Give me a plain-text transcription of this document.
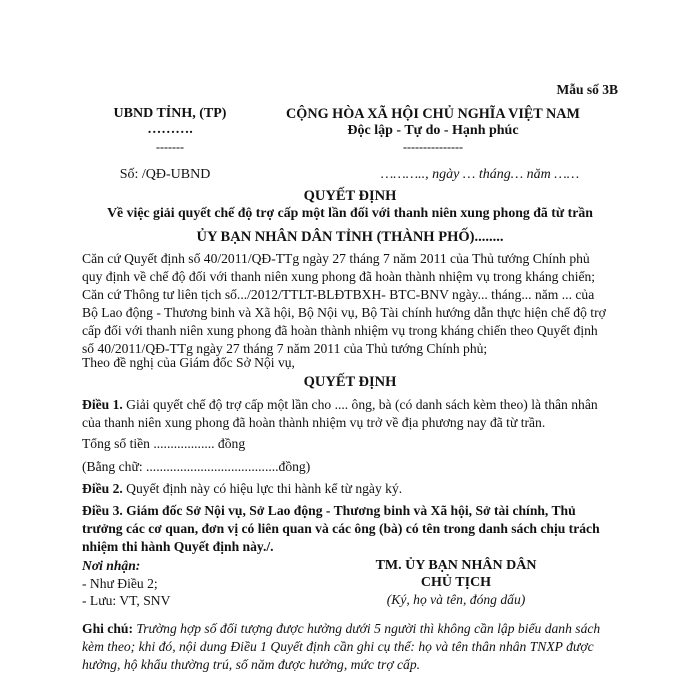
Mẫu số 3B
UBND TỈNH, (TP)
……….
-------
Số: /QĐ-UBND
CỘNG HÒA XÃ HỘI CHỦ NGHĨA VIỆT NAM
Độc lập - Tự do - Hạnh phúc
---------------
……….., ngày … tháng… năm ……
QUYẾT ĐỊNH
Về việc giải quyết chế độ trợ cấp một lần đối với thanh niên xung phong đã từ trần
ỦY BẠN NHÂN DÂN TỈNH (THÀNH PHỐ)........
Căn cứ Quyết định số 40/2011/QĐ-TTg ngày 27 tháng 7 năm 2011 của Thủ tướng Chính phủ
quy định về chế độ đối với thanh niên xung phong đã hoàn thành nhiệm vụ trong kháng chiến;
Căn cứ Thông tư liên tịch số.../2012/TTLT-BLĐTBXH- BTC-BNV ngày... tháng... năm ... của
Bộ Lao động - Thương binh và Xã hội, Bộ Nội vụ, Bộ Tài chính hướng dẫn thực hiện chế độ trợ
cấp đối với thanh niên xung phong đã hoàn thành nhiệm vụ trong kháng chiến theo Quyết định
số 40/2011/QĐ-TTg ngày 27 tháng 7 năm 2011 của Thủ tướng Chính phủ;
Theo đề nghị của Giám đốc Sở Nội vụ,
QUYẾT ĐỊNH
Điều 1. Giải quyết chế độ trợ cấp một lần cho .... ông, bà (có danh sách kèm theo) là thân nhân
của thanh niên xung phong đã hoàn thành nhiệm vụ trở về địa phương nay đã từ trần.
Tổng số tiền .................. đồng
(Bằng chữ: .......................................đồng)
Điều 2. Quyết định này có hiệu lực thi hành kể từ ngày ký.
Điều 3. Giám đốc Sở Nội vụ, Sở Lao động - Thương binh và Xã hội, Sở tài chính, Thủ
trưởng các cơ quan, đơn vị có liên quan và các ông (bà) có tên trong danh sách chịu trách
nhiệm thi hành Quyết định này./.
Nơi nhận:
- Như Điều 2;
- Lưu: VT, SNV
TM. ỦY BẠN NHÂN DÂN
CHỦ TỊCH
(Ký, họ và tên, đóng dấu)
Ghi chú: Trường hợp số đối tượng được hưởng dưới 5 người thì không cần lập biểu danh sách
kèm theo; khi đó, nội dung Điều 1 Quyết định cần ghi cụ thể: họ và tên thân nhân TNXP được
hưởng, hộ khẩu thường trú, số năm được hưởng, mức trợ cấp.
